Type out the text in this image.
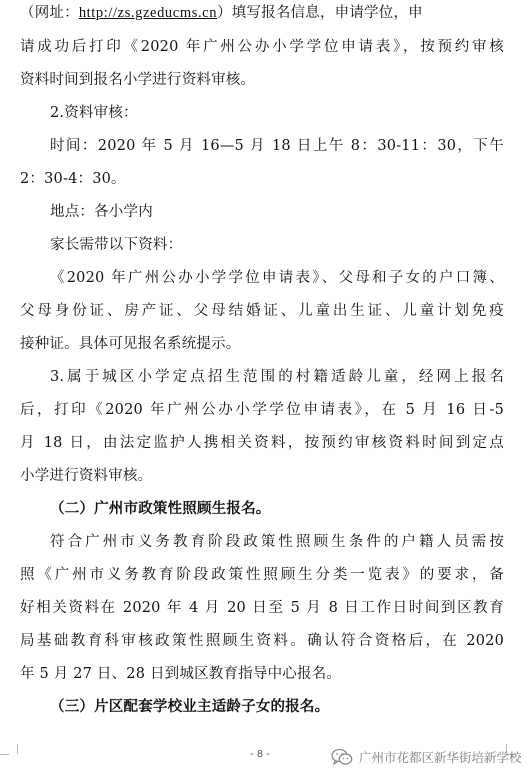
（网址：http://zs.gzeducms.cn）填写报名信息，申请学位，申
请成功后打印《2020 年广州公办小学学位申请表》，按预约审核
资料时间到报名小学进行资料审核。
2.资料审核：
时间：2020 年 5 月 16—5 月 18 日上午 8：30-11：30，下午
2：30-4：30。
地点：各小学内
家长需带以下资料：
《2020 年广州公办小学学位申请表》、父母和子女的户口簿、
父母身份证、房产证、父母结婚证、儿童出生证、儿童计划免疫
接种证。具体可见报名系统提示。
3.属于城区小学定点招生范围的村籍适龄儿童，经网上报名
后，打印《2020 年广州公办小学学位申请表》，在 5 月 16 日-5
月 18 日，由法定监护人携相关资料，按预约审核资料时间到定点
小学进行资料审核。
（二）广州市政策性照顾生报名。
符合广州市义务教育阶段政策性照顾生条件的户籍人员需按
照《广州市义务教育阶段政策性照顾生分类一览表》的要求，备
好相关资料在 2020 年 4 月 20 日至 5 月 8 日工作日时间到区教育
局基础教育科审核政策性照顾生资料。确认符合资格后，在 2020
年 5 月 27 日、28 日到城区教育指导中心报名。
（三）片区配套学校业主适龄子女的报名。
- 8 -	广州市花都区新华街培新学校
